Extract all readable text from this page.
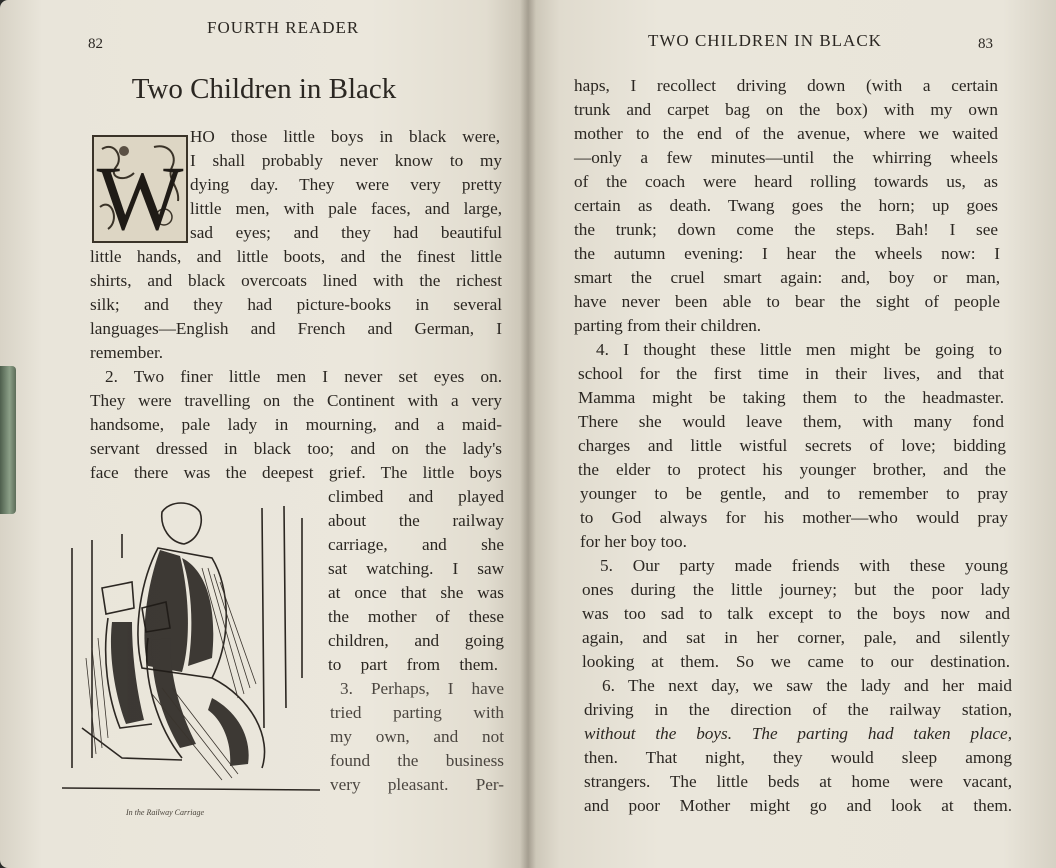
FOURTH READER
82
Two Children in Black
W
HO those little boys in black were,
I shall probably never know to my
dying day. They were very pretty
little men, with pale faces, and large,
sad eyes; and they had beautiful
little hands, and little boots, and the finest little
shirts, and black overcoats lined with the richest
silk; and they had picture-books in several
languages—English and French and German, I
remember.
2. Two finer little men I never set eyes on.
They were travelling on the Continent with a very
handsome, pale lady in mourning, and a maid-
servant dressed in black too; and on the lady's
face there was the deepest grief. The little boys
climbed and played
about the railway
carriage, and she
sat watching. I saw
at once that she was
the mother of these
children, and going
to part from them.
3. Perhaps, I have
tried parting with
my own, and not
found the business
very pleasant. Per-
In the Railway Carriage
TWO CHILDREN IN BLACK	83
haps, I recollect driving down (with a certain
trunk and carpet bag on the box) with my own
mother to the end of the avenue, where we waited
—only a few minutes—until the whirring wheels
of the coach were heard rolling towards us, as
certain as death. Twang goes the horn; up goes
the trunk; down come the steps. Bah! I see
the autumn evening: I hear the wheels now: I
smart the cruel smart again: and, boy or man,
have never been able to bear the sight of people
parting from their children.
4. I thought these little men might be going to
school for the first time in their lives, and that
Mamma might be taking them to the headmaster.
There she would leave them, with many fond
charges and little wistful secrets of love; bidding
the elder to protect his younger brother, and the
younger to be gentle, and to remember to pray
to God always for his mother—who would pray
for her boy too.
5. Our party made friends with these young
ones during the little journey; but the poor lady
was too sad to talk except to the boys now and
again, and sat in her corner, pale, and silently
looking at them. So we came to our destination.
6. The next day, we saw the lady and her maid
driving in the direction of the railway station,
without the boys. The parting had taken place,
then. That night, they would sleep among
strangers. The little beds at home were vacant,
and poor Mother might go and look at them.
